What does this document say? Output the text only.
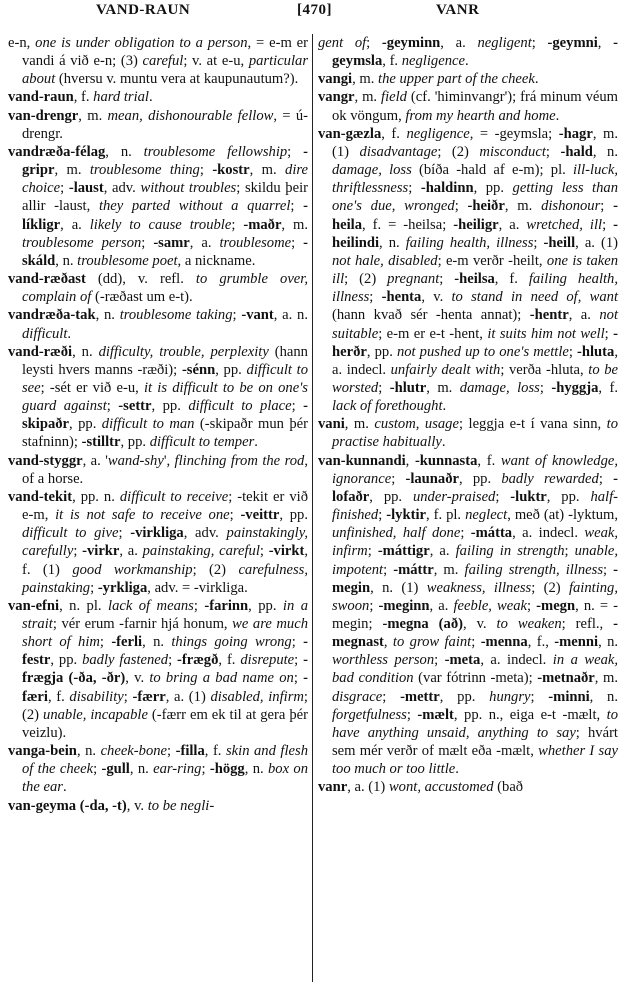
VAND-RAUN	[470]	VANR

e-n, one is under obligation to a person, = e-m er vandi á við e-n; (3) careful; v. at e-u, particular about (hversu v. muntu vera at kaupunautum?).

vand-raun, f. hard trial.

van-drengr, m. mean, dishonourable fellow, = ú-drengr.

vandræða-félag, n. troublesome fellowship; -gripr, m. troublesome thing; -kostr, m. dire choice; -laust, adv. without troubles; skildu þeir allir -laust, they parted without a quarrel; -líkligr, a. likely to cause trouble; -maðr, m. troublesome person; -samr, a. troublesome; -skáld, n. troublesome poet, a nickname.

vand-ræðast (dd), v. refl. to grumble over, complain of (-ræðast um e-t).

vandræða-tak, n. troublesome taking; -vant, a. n. difficult.

vand-ræði, n. difficulty, trouble, perplexity (hann leysti hvers manns -ræði); -sénn, pp. difficult to see; -sét er við e-u, it is difficult to be on one's guard against; -settr, pp. difficult to place; -skipaðr, pp. difficult to man (-skipaðr mun þér stafninn); -stilltr, pp. difficult to temper.

vand-styggr, a. 'wand-shy', flinching from the rod, of a horse.

vand-tekit, pp. n. difficult to receive; -tekit er við e-m, it is not safe to receive one; -veittr, pp. difficult to give; -virkliga, adv. painstakingly, carefully; -virkr, a. painstaking, careful; -virkt, f. (1) good workmanship; (2) carefulness, painstaking; -yrkliga, adv. = -virkliga.

van-efni, n. pl. lack of means; -farinn, pp. in a strait; vér erum -farnir hjá honum, we are much short of him; -ferli, n. things going wrong; -festr, pp. badly fastened; -frægð, f. disrepute; -frægja (-ða, -ðr), v. to bring a bad name on; -færi, f. disability; -færr, a. (1) disabled, infirm; (2) unable, incapable (-færr em ek til at gera þér veizlu).

vanga-bein, n. cheek-bone; -filla, f. skin and flesh of the cheek; -gull, n. ear-ring; -högg, n. box on the ear.

van-geyma (-da, -t), v. to be negli-

gent of; -geyminn, a. negligent; -geymni, -geymsla, f. negligence.

vangi, m. the upper part of the cheek.

vangr, m. field (cf. 'himinvangr'); frá minum véum ok vöngum, from my hearth and home.

van-gæzla, f. negligence, = -geymsla; -hagr, m. (1) disadvantage; (2) misconduct; -hald, n. damage, loss (bíða -hald af e-m); pl. ill-luck, thriftlessness; -haldinn, pp. getting less than one's due, wronged; -heiðr, m. dishonour; -heila, f. = -heilsa; -heiligr, a. wretched, ill; -heilindi, n. failing health, illness; -heill, a. (1) not hale, disabled; e-m verðr -heilt, one is taken ill; (2) pregnant; -heilsa, f. failing health, illness; -henta, v. to stand in need of, want (hann kvað sér -henta annat); -hentr, a. not suitable; e-m er e-t -hent, it suits him not well; -herðr, pp. not pushed up to one's mettle; -hluta, a. indecl. unfairly dealt with; verða -hluta, to be worsted; -hlutr, m. damage, loss; -hyggja, f. lack of forethought.

vani, m. custom, usage; leggja e-t í vana sinn, to practise habitually.

van-kunnandi, -kunnasta, f. want of knowledge, ignorance; -launaðr, pp. badly rewarded; -lofaðr, pp. under-praised; -luktr, pp. half-finished; -lyktir, f. pl. neglect, með (at) -lyktum, unfinished, half done; -mátta, a. indecl. weak, infirm; -máttigr, a. failing in strength; unable, impotent; -máttr, m. failing strength, illness; -megin, n. (1) weakness, illness; (2) fainting, swoon; -meginn, a. feeble, weak; -megn, n. = -megin; -megna (að), v. to weaken; refl., -megnast, to grow faint; -menna, f., -menni, n. worthless person; -meta, a. indecl. in a weak, bad condition (var fótrinn -meta); -metnaðr, m. disgrace; -mettr, pp. hungry; -minni, n. forgetfulness; -mælt, pp. n., eiga e-t -mælt, to have anything unsaid, anything to say; hvárt sem mér verðr of mælt eða -mælt, whether I say too much or too little.

vanr, a. (1) wont, accustomed (bað
